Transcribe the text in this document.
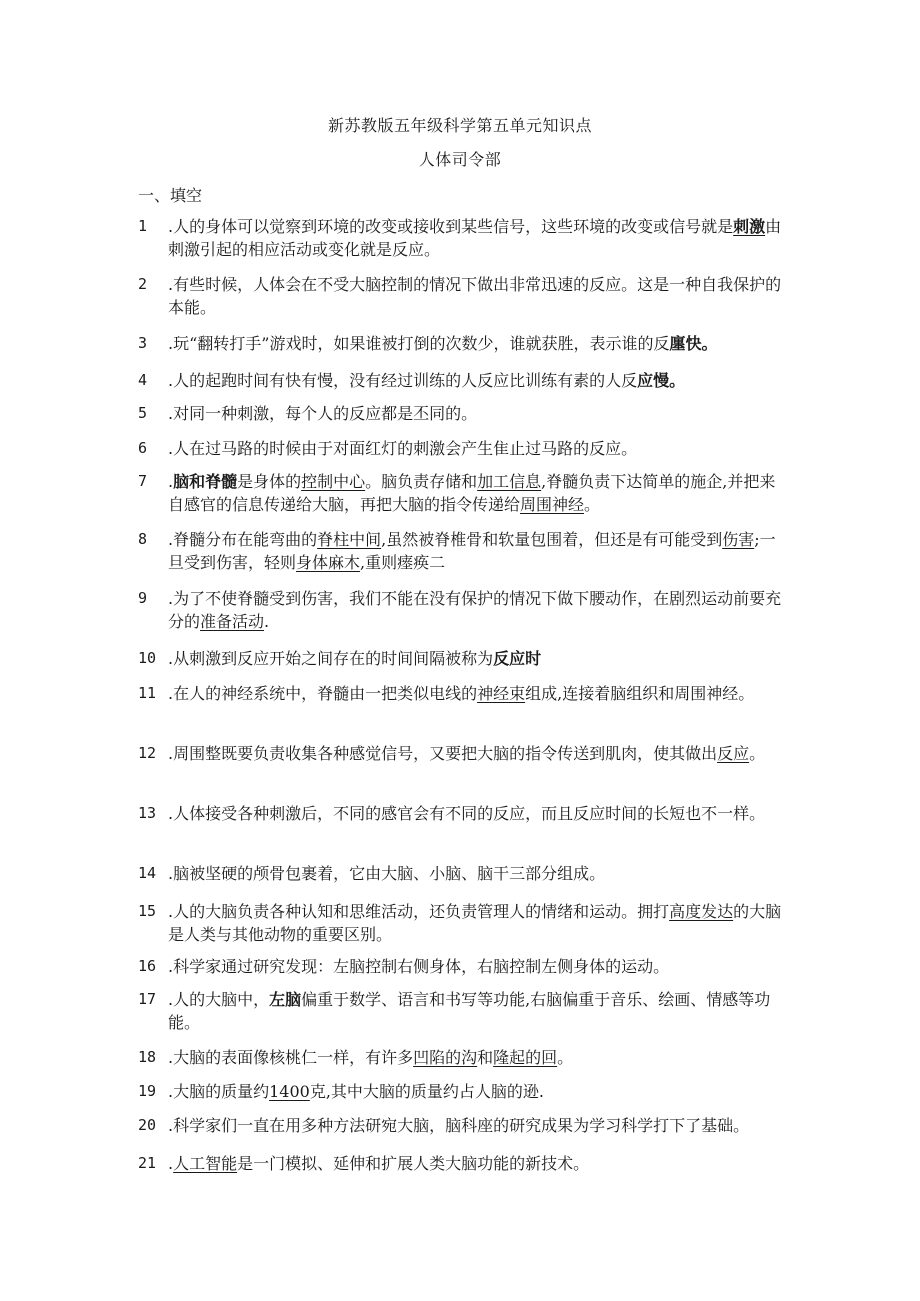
新苏教版五年级科学第五单元知识点
人体司令部
一、填空
1	.人的身体可以觉察到环境的改变或接收到某些信号，这些环境的改变或信号就是刺激由刺激引起的相应活动或变化就是反应。
2	.有些时候，人体会在不受大脑控制的情况下做出非常迅速的反应。这是一种自我保护的本能。
3	.玩“翻转打手”游戏时，如果谁被打倒的次数少，谁就获胜，表示谁的反廛快。
4	.人的起跑时间有快有慢，没有经过训练的人反应比训练有素的人反应慢。
5	.对同一种刺激，每个人的反应都是丕同的。
6	.人在过马路的时候由于对面红灯的刺激会产生隹止过马路的反应。
7	.脑和脊髓是身体的控制中心。脑负责存储和加工信息,脊髓负责下达简单的施企,并把来自感官的信息传递给大脑，再把大脑的指令传递给周围神经。
8	.脊髓分布在能弯曲的脊柱中间,虽然被脊椎骨和软量包围着，但还是有可能受到伤害;一旦受到伤害，轻则身体麻木,重则瘗痪二
9	.为了不使脊髓受到伤害，我们不能在没有保护的情况下做下腰动作，在剧烈运动前要充分的准备活动.
10 .从刺激到反应开始之间存在的时间间隔被称为反应时
11 .在人的神经系统中，脊髓由一把类似电线的神经束组成,连接着脑组织和周围神经。
12 .周围整既要负责收集各种感觉信号，又要把大脑的指令传送到肌肉，使其做出反应。
13 .人体接受各种刺激后，不同的感官会有不同的反应，而且反应时间的长短也不一样。
14 .脑被坚硬的颅骨包裹着，它由大脑、小脑、脑干三部分组成。
15 .人的大脑负责各种认知和思维活动，还负责管理人的情绪和运动。拥打高度发达的大脑是人类与其他动物的重要区别。
16 .科学家通过研究发现：左脑控制右侧身体，右脑控制左侧身体的运动。
17 .人的大脑中，左脑偏重于数学、语言和书写等功能,右脑偏重于音乐、绘画、情感等功能。
18 .大脑的表面像核桃仁一样，有许多凹陷的沟和隆起的回。
19 .大脑的质量约1400克,其中大脑的质量约占人脑的逊.
20 .科学家们一直在用多种方法研宛大脑，脑科座的研究成果为学习科学打下了基础。
21 .人工智能是一门模拟、延伸和扩展人类大脑功能的新技术。
